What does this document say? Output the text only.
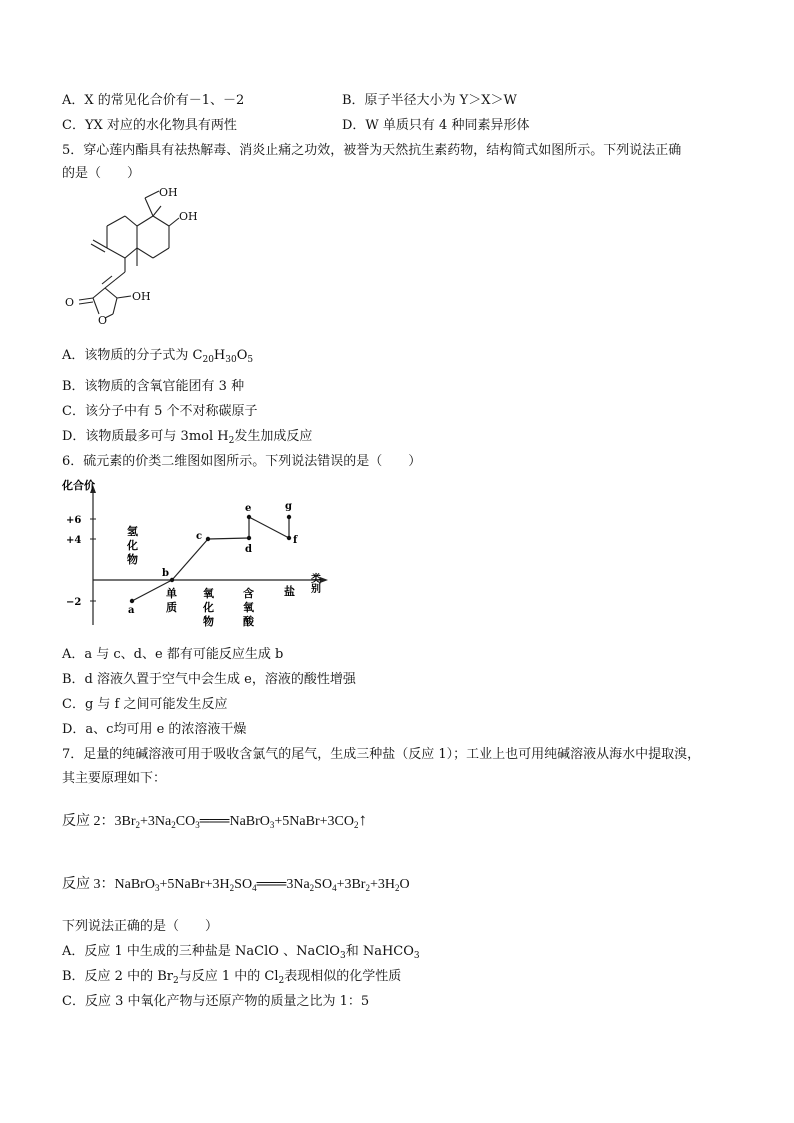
A．X 的常见化合价有－1、－2	B．原子半径大小为 Y＞X＞W
C．YX 对应的水化物具有两性	D．W 单质只有 4 种同素异形体
5．穿心莲内酯具有祛热解毒、消炎止痛之功效，被誉为天然抗生素药物，结构简式如图所示。下列说法正确
的是（　　）
OH
OH
OH
O
O
A．该物质的分子式为 $C_{20}H_{30}O_5$
B．该物质的含氧官能团有 3 种
C．该分子中有 5 个不对称碳原子
D．该物质最多可与 3mol $H_2$发生加成反应
6．硫元素的价类二维图如图所示。下列说法错误的是（　　）
化合价
+6
+4
−2
类别
氢
化
物
单
质
氧
化
物
含
氧
酸
盐
a
b
c
d
e
f
g
A．a 与 c、d、e 都有可能反应生成 b
B．d 溶液久置于空气中会生成 e，溶液的酸性增强
C．g 与 f 之间可能发生反应
D．a、c均可用 e 的浓溶液干燥
7．足量的纯碱溶液可用于吸收含氯气的尾气，生成三种盐（反应 1）；工业上也可用纯碱溶液从海水中提取溴，
其主要原理如下：
反应 2：$3Br_2+3Na_2CO_3═══NaBrO_3+5NaBr+3CO_2↑$
反应 3：$NaBrO_3+5NaBr+3H_2SO_4═══3Na_2SO_4+3Br_2+3H_2O$
下列说法正确的是（　　）
A．反应 1 中生成的三种盐是 NaClO 、NaClO$_3$和 NaHCO$_3$
B．反应 2 中的 $Br_2$与反应 1 中的 $Cl_2$表现相似的化学性质
C．反应 3 中氧化产物与还原产物的质量之比为 1：5
